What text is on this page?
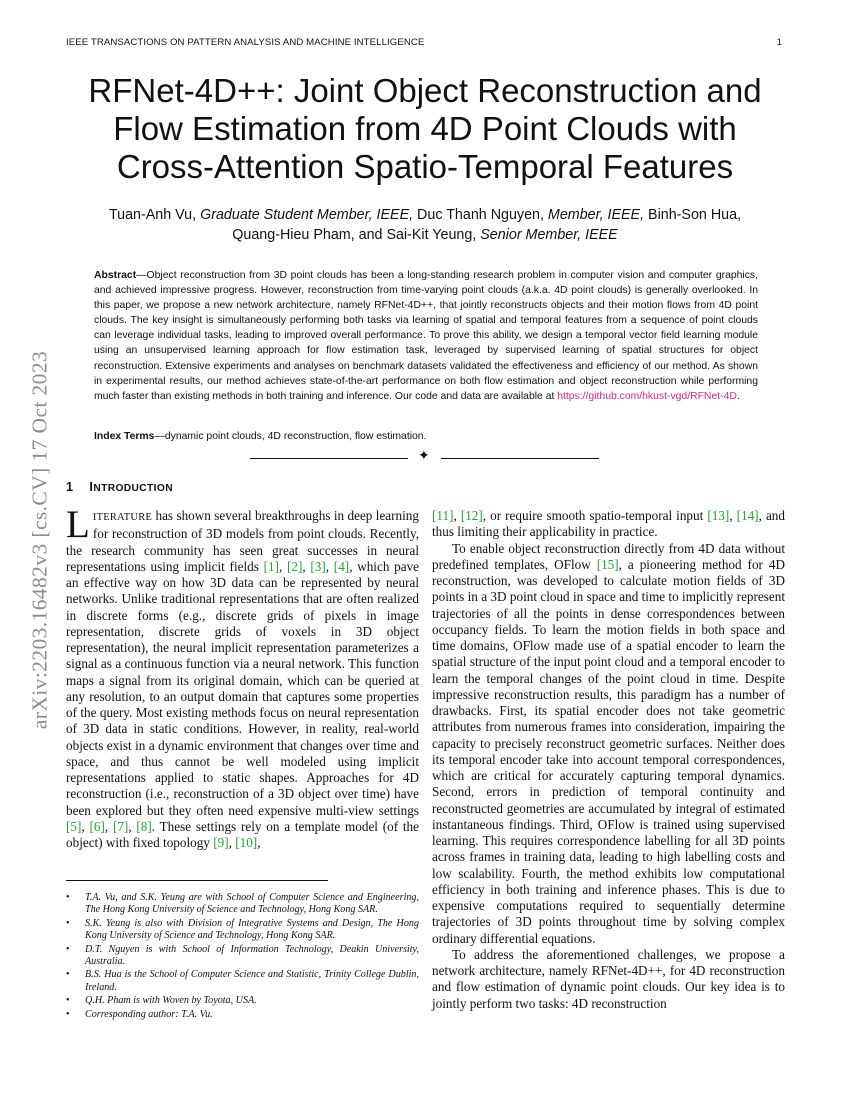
IEEE TRANSACTIONS ON PATTERN ANALYSIS AND MACHINE INTELLIGENCE	1
arXiv:2203.16482v3 [cs.CV] 17 Oct 2023
RFNet-4D++: Joint Object Reconstruction and
Flow Estimation from 4D Point Clouds with
Cross-Attention Spatio-Temporal Features
Tuan-Anh Vu, Graduate Student Member, IEEE, Duc Thanh Nguyen, Member, IEEE, Binh-Son Hua,
Quang-Hieu Pham, and Sai-Kit Yeung, Senior Member, IEEE
Abstract—Object reconstruction from 3D point clouds has been a long-standing research problem in computer vision and computer graphics, and achieved impressive progress. However, reconstruction from time-varying point clouds (a.k.a. 4D point clouds) is generally overlooked. In this paper, we propose a new network architecture, namely RFNet-4D++, that jointly reconstructs objects and their motion flows from 4D point clouds. The key insight is simultaneously performing both tasks via learning of spatial and temporal features from a sequence of point clouds can leverage individual tasks, leading to improved overall performance. To prove this ability, we design a temporal vector field learning module using an unsupervised learning approach for flow estimation task, leveraged by supervised learning of spatial structures for object reconstruction. Extensive experiments and analyses on benchmark datasets validated the effectiveness and efficiency of our method. As shown in experimental results, our method achieves state-of-the-art performance on both flow estimation and object reconstruction while performing much faster than existing methods in both training and inference. Our code and data are available at https://github.com/hkust-vgd/RFNet-4D.
Index Terms—dynamic point clouds, 4D reconstruction, flow estimation.
✦
1 INTRODUCTION

LITERATURE has shown several breakthroughs in deep learning for reconstruction of 3D models from point clouds. Recently, the research community has seen great successes in neural representations using implicit fields [1], [2], [3], [4], which pave an effective way on how 3D data can be represented by neural networks. Unlike traditional representations that are often realized in discrete forms (e.g., discrete grids of pixels in image representation, discrete grids of voxels in 3D object representation), the neural implicit representation parameterizes a signal as a continuous function via a neural network. This function maps a signal from its original domain, which can be queried at any resolution, to an output domain that captures some properties of the query. Most existing methods focus on neural representation of 3D data in static conditions. However, in reality, real-world objects exist in a dynamic environment that changes over time and space, and thus cannot be well modeled using implicit representations applied to static shapes. Approaches for 4D reconstruction (i.e., reconstruction of a 3D object over time) have been explored but they often need expensive multi-view settings [5], [6], [7], [8]. These settings rely on a template model (of the object) with fixed topology [9], [10],

• T.A. Vu, and S.K. Yeung are with School of Computer Science and Engineering, The Hong Kong University of Science and Technology, Hong Kong SAR.
• S.K. Yeung is also with Division of Integrative Systems and Design, The Hong Kong University of Science and Technology, Hong Kong SAR.
• D.T. Nguyen is with School of Information Technology, Deakin University, Australia.
• B.S. Hua is the School of Computer Science and Statistic, Trinity College Dublin, Ireland.
• Q.H. Pham is with Woven by Toyota, USA.
• Corresponding author: T.A. Vu.

[11], [12], or require smooth spatio-temporal input [13], [14], and thus limiting their applicability in practice.

To enable object reconstruction directly from 4D data without predefined templates, OFlow [15], a pioneering method for 4D reconstruction, was developed to calculate motion fields of 3D points in a 3D point cloud in space and time to implicitly represent trajectories of all the points in dense correspondences between occupancy fields. To learn the motion fields in both space and time domains, OFlow made use of a spatial encoder to learn the spatial structure of the input point cloud and a temporal encoder to learn the temporal changes of the point cloud in time. Despite impressive reconstruction results, this paradigm has a number of drawbacks. First, its spatial encoder does not take geometric attributes from numerous frames into consideration, impairing the capacity to precisely reconstruct geometric surfaces. Neither does its temporal encoder take into account temporal correspondences, which are critical for accurately capturing temporal dynamics. Second, errors in prediction of temporal continuity and reconstructed geometries are accumulated by integral of estimated instantaneous findings. Third, OFlow is trained using supervised learning. This requires correspondence labelling for all 3D points across frames in training data, leading to high labelling costs and low scalability. Fourth, the method exhibits low computational efficiency in both training and inference phases. This is due to expensive computations required to sequentially determine trajectories of 3D points throughout time by solving complex ordinary differential equations.

To address the aforementioned challenges, we propose a network architecture, namely RFNet-4D++, for 4D reconstruction and flow estimation of dynamic point clouds. Our key idea is to jointly perform two tasks: 4D reconstruction
